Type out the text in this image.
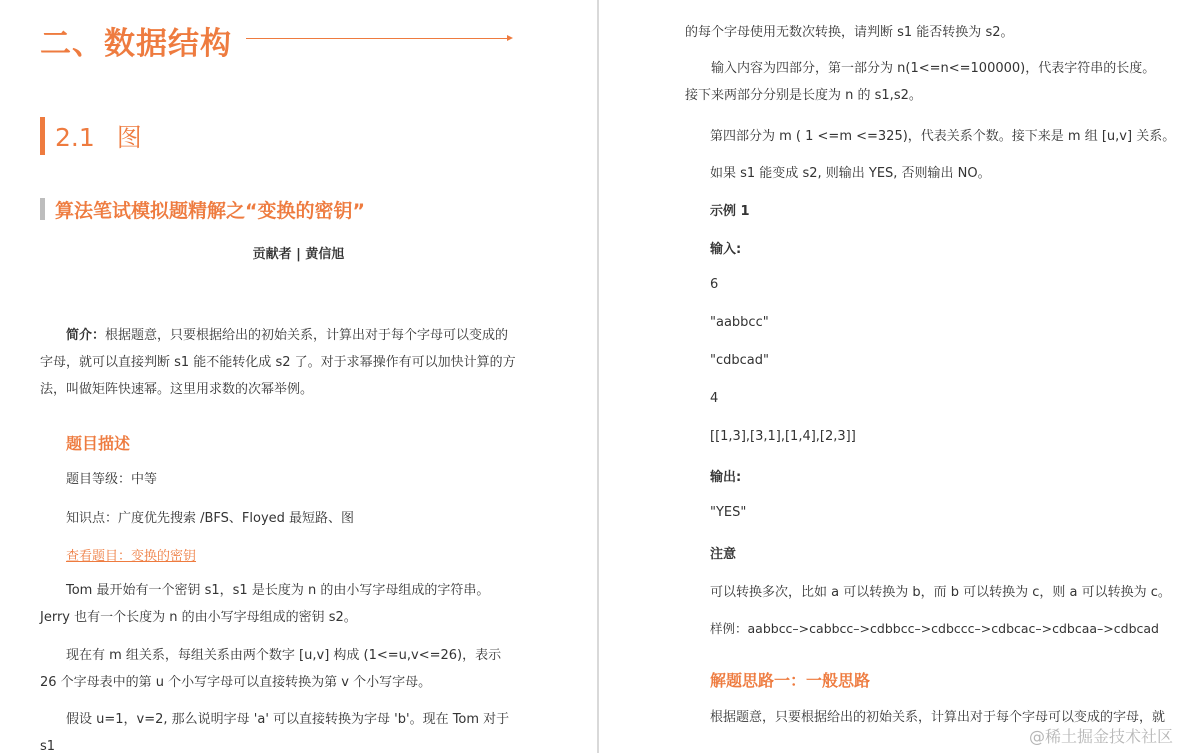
二、数据结构
2.1 图
算法笔试模拟题精解之“变换的密钥”
贡献者 | 黄信旭
简介：根据题意，只要根据给出的初始关系，计算出对于每个字母可以变成的字母，就可以直接判断 s1 能不能转化成 s2 了。对于求幂操作有可以加快计算的方法，叫做矩阵快速幂。这里用求数的次幂举例。
题目描述
题目等级：中等
知识点：广度优先搜索 /BFS、Floyed 最短路、图
查看题目：变换的密钥
Tom 最开始有一个密钥 s1，s1 是长度为 n 的由小写字母组成的字符串。Jerry 也有一个长度为 n 的由小写字母组成的密钥 s2。
现在有 m 组关系，每组关系由两个数字 [u,v] 构成 (1<=u,v<=26)，表示 26 个字母表中的第 u 个小写字母可以直接转换为第 v 个小写字母。
假设 u=1，v=2, 那么说明字母 'a' 可以直接转换为字母 'b'。现在 Tom 对于 s1
的每个字母使用无数次转换，请判断 s1 能否转换为 s2。
输入内容为四部分，第一部分为 n(1<=n<=100000)，代表字符串的长度。接下来两部分分别是长度为 n 的 s1,s2。
第四部分为 m ( 1 <=m <=325)，代表关系个数。接下来是 m 组 [u,v] 关系。
如果 s1 能变成 s2, 则输出 YES, 否则输出 NO。
示例 1
输入:
6
"aabbcc"
"cdbcad"
4
[[1,3],[3,1],[1,4],[2,3]]
输出:
"YES"
注意
可以转换多次，比如 a 可以转换为 b，而 b 可以转换为 c，则 a 可以转换为 c。
样例：aabbcc–>cabbcc–>cdbbcc–>cdbccc–>cdbcac–>cdbcaa–>cdbcad
解题思路一：一般思路
根据题意，只要根据给出的初始关系，计算出对于每个字母可以变成的字母，就
@稀土掘金技术社区
